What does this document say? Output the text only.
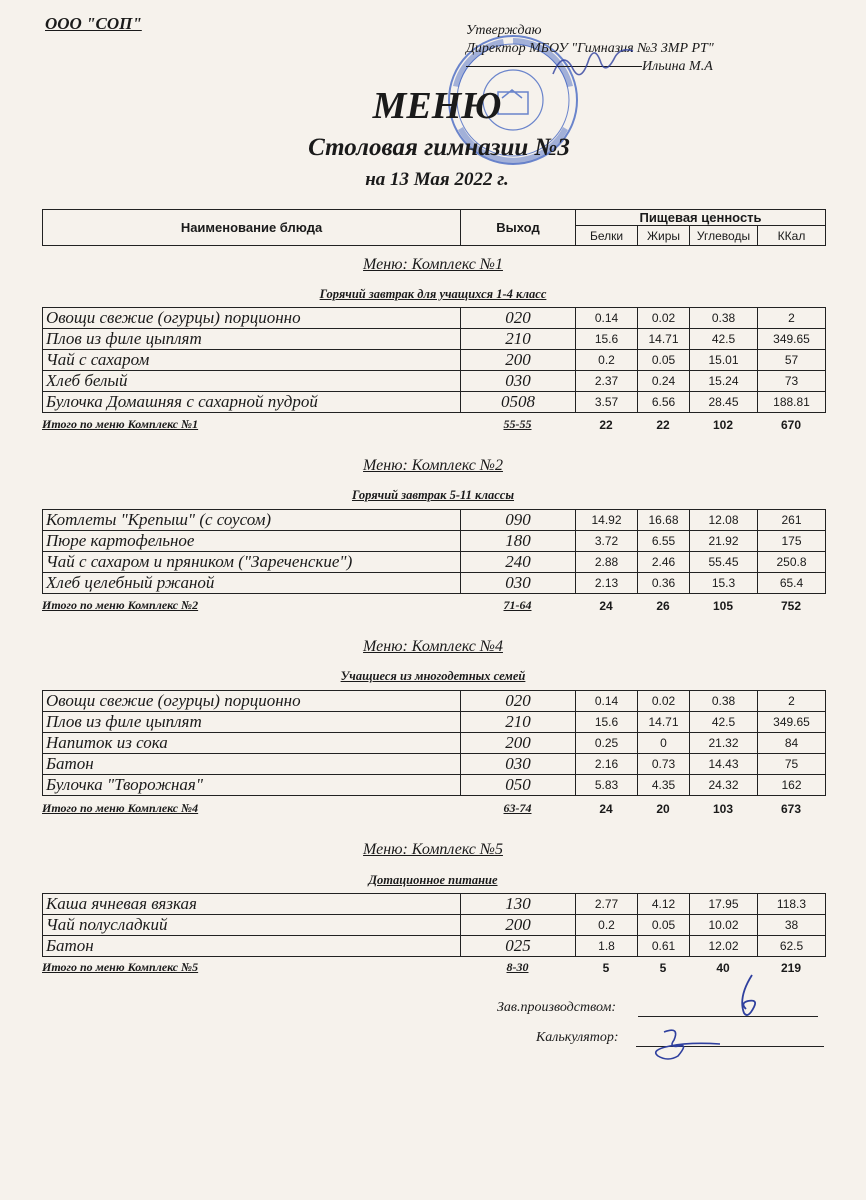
ООО "СОП"	Утверждаю
Директор МБОУ "Гимназия №3 ЗМР РТ"
Ильина М.А
МЕНЮ
Столовая гимназии №3
на 13 Мая 2022 г.
Наименование блюда	Выход	Пищевая ценность			
		Белки	Жиры	Углеводы	ККал
Меню: Комплекс №1
Горячий завтрак для учащихся 1-4 класс
Овощи свежие (огурцы) порционно	020	0.14	0.02	0.38	2
Плов из филе цыплят	210	15.6	14.71	42.5	349.65
Чай с сахаром	200	0.2	0.05	15.01	57
Хлеб белый	030	2.37	0.24	15.24	73
Булочка Домашняя с сахарной пудрой	0508	3.57	6.56	28.45	188.81
Итого по меню Комплекс №1	55-55	22	22	102	670
Меню: Комплекс №2
Горячий завтрак 5-11 классы
Котлеты "Крепыш" (с соусом)	090	14.92	16.68	12.08	261
Пюре картофельное	180	3.72	6.55	21.92	175
Чай с сахаром и пряником ("Зареченские")	240	2.88	2.46	55.45	250.8
Хлеб целебный ржаной	030	2.13	0.36	15.3	65.4
Итого по меню Комплекс №2	71-64	24	26	105	752
Меню: Комплекс №4
Учащиеся из многодетных семей
Овощи свежие (огурцы) порционно	020	0.14	0.02	0.38	2
Плов из филе цыплят	210	15.6	14.71	42.5	349.65
Напиток из сока	200	0.25	0	21.32	84
Батон	030	2.16	0.73	14.43	75
Булочка "Творожная"	050	5.83	4.35	24.32	162
Итого по меню Комплекс №4	63-74	24	20	103	673
Меню: Комплекс №5
Дотационное питание
Каша ячневая вязкая	130	2.77	4.12	17.95	118.3
Чай полусладкий	200	0.2	0.05	10.02	38
Батон	025	1.8	0.61	12.02	62.5
Итого по меню Комплекс №5	8-30	5	5	40	219
Зав.производством:
Калькулятор:
